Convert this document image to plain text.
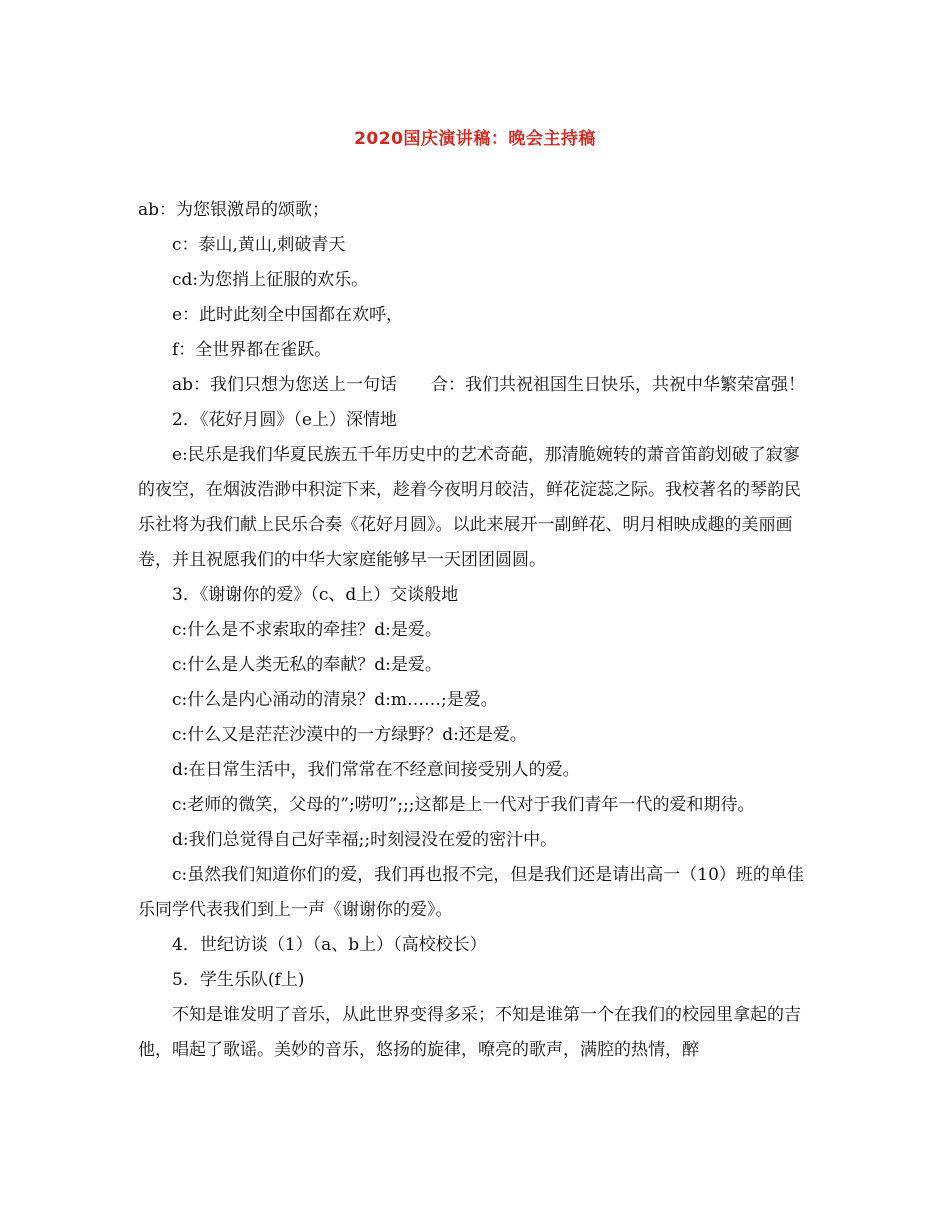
2020国庆演讲稿：晚会主持稿

ab：为您银激昂的颂歌；

c：泰山,黄山,刺破青天

cd:为您捎上征服的欢乐。

e：此时此刻全中国都在欢呼，

f：全世界都在雀跃。

ab：我们只想为您送上一句话　　合：我们共祝祖国生日快乐，共祝中华繁荣富强！

2．《花好月圆》（e上）深情地

e:民乐是我们华夏民族五千年历史中的艺术奇葩，那清脆婉转的萧音笛韵划破了寂寥的夜空，在烟波浩渺中积淀下来，趁着今夜明月皎洁，鲜花淀蕊之际。我校著名的琴韵民乐社将为我们献上民乐合奏《花好月圆》。以此来展开一副鲜花、明月相映成趣的美丽画卷，并且祝愿我们的中华大家庭能够早一天团团圆圆。

3．《谢谢你的爱》（c、d上）交谈般地

c:什么是不求索取的牵挂？d:是爱。

c:什么是人类无私的奉献？d:是爱。

c:什么是内心涌动的清泉？d:m……;是爱。

c:什么又是茫茫沙漠中的一方绿野？d:还是爱。

d:在日常生活中，我们常常在不经意间接受别人的爱。

c:老师的微笑，父母的”;唠叨”;;;这都是上一代对于我们青年一代的爱和期待。

d:我们总觉得自己好幸福;;时刻浸没在爱的密汁中。

c:虽然我们知道你们的爱，我们再也报不完，但是我们还是请出高一（10）班的单佳乐同学代表我们到上一声《谢谢你的爱》。

4．世纪访谈（1）（a、b上）（高校校长）

5．学生乐队(f上)

不知是谁发明了音乐，从此世界变得多采；不知是谁第一个在我们的校园里拿起的吉他，唱起了歌谣。美妙的音乐，悠扬的旋律，嘹亮的歌声，满腔的热情，醉
